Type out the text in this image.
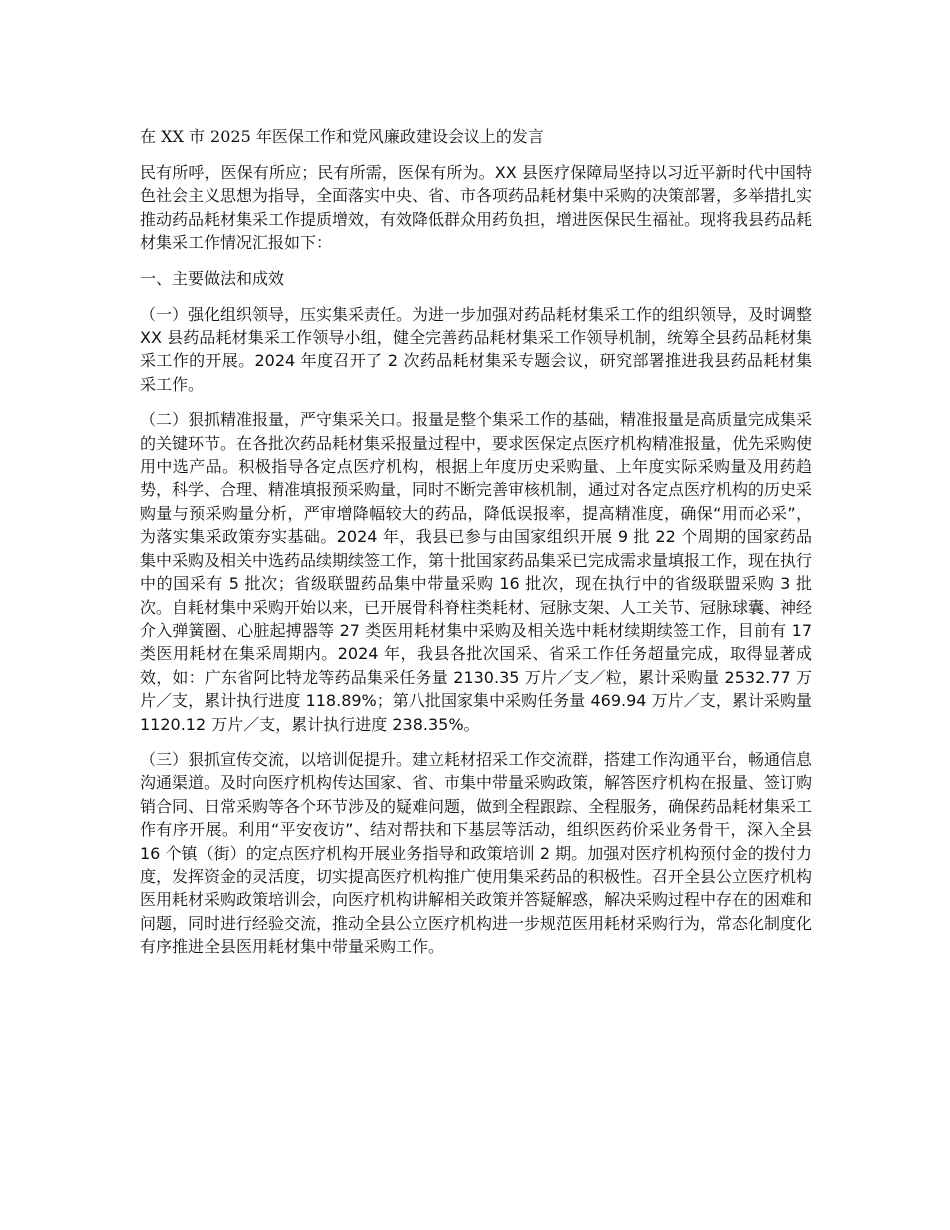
在 XX 市 2025 年医保工作和党风廉政建设会议上的发言

民有所呼，医保有所应；民有所需，医保有所为。XX 县医疗保障局坚持以习近平新时代中国特色社会主义思想为指导，全面落实中央、省、市各项药品耗材集中采购的决策部署，多举措扎实推动药品耗材集采工作提质增效，有效降低群众用药负担，增进医保民生福祉。现将我县药品耗材集采工作情况汇报如下：

一、主要做法和成效

（一）强化组织领导，压实集采责任。为进一步加强对药品耗材集采工作的组织领导，及时调整 XX 县药品耗材集采工作领导小组，健全完善药品耗材集采工作领导机制，统筹全县药品耗材集采工作的开展。2024 年度召开了 2 次药品耗材集采专题会议，研究部署推进我县药品耗材集采工作。

（二）狠抓精准报量，严守集采关口。报量是整个集采工作的基础，精准报量是高质量完成集采的关键环节。在各批次药品耗材集采报量过程中，要求医保定点医疗机构精准报量，优先采购使用中选产品。积极指导各定点医疗机构，根据上年度历史采购量、上年度实际采购量及用药趋势，科学、合理、精准填报预采购量，同时不断完善审核机制，通过对各定点医疗机构的历史采购量与预采购量分析，严审增降幅较大的药品，降低误报率，提高精准度，确保“用而必采”，为落实集采政策夯实基础。2024 年，我县已参与由国家组织开展 9 批 22 个周期的国家药品集中采购及相关中选药品续期续签工作，第十批国家药品集采已完成需求量填报工作，现在执行中的国采有 5 批次；省级联盟药品集中带量采购 16 批次，现在执行中的省级联盟采购 3 批次。自耗材集中采购开始以来，已开展骨科脊柱类耗材、冠脉支架、人工关节、冠脉球囊、神经介入弹簧圈、心脏起搏器等 27 类医用耗材集中采购及相关选中耗材续期续签工作，目前有 17 类医用耗材在集采周期内。2024 年，我县各批次国采、省采工作任务超量完成，取得显著成效，如：广东省阿比特龙等药品集采任务量 2130.35 万片／支／粒，累计采购量 2532.77 万片／支，累计执行进度 118.89%；第八批国家集中采购任务量 469.94 万片／支，累计采购量 1120.12 万片／支，累计执行进度 238.35%。

（三）狠抓宣传交流，以培训促提升。建立耗材招采工作交流群，搭建工作沟通平台，畅通信息沟通渠道。及时向医疗机构传达国家、省、市集中带量采购政策，解答医疗机构在报量、签订购销合同、日常采购等各个环节涉及的疑难问题，做到全程跟踪、全程服务，确保药品耗材集采工作有序开展。利用“平安夜访”、结对帮扶和下基层等活动，组织医药价采业务骨干，深入全县 16 个镇（街）的定点医疗机构开展业务指导和政策培训 2 期。加强对医疗机构预付金的拨付力度，发挥资金的灵活度，切实提高医疗机构推广使用集采药品的积极性。召开全县公立医疗机构医用耗材采购政策培训会，向医疗机构讲解相关政策并答疑解惑，解决采购过程中存在的困难和问题，同时进行经验交流，推动全县公立医疗机构进一步规范医用耗材采购行为，常态化制度化有序推进全县医用耗材集中带量采购工作。
